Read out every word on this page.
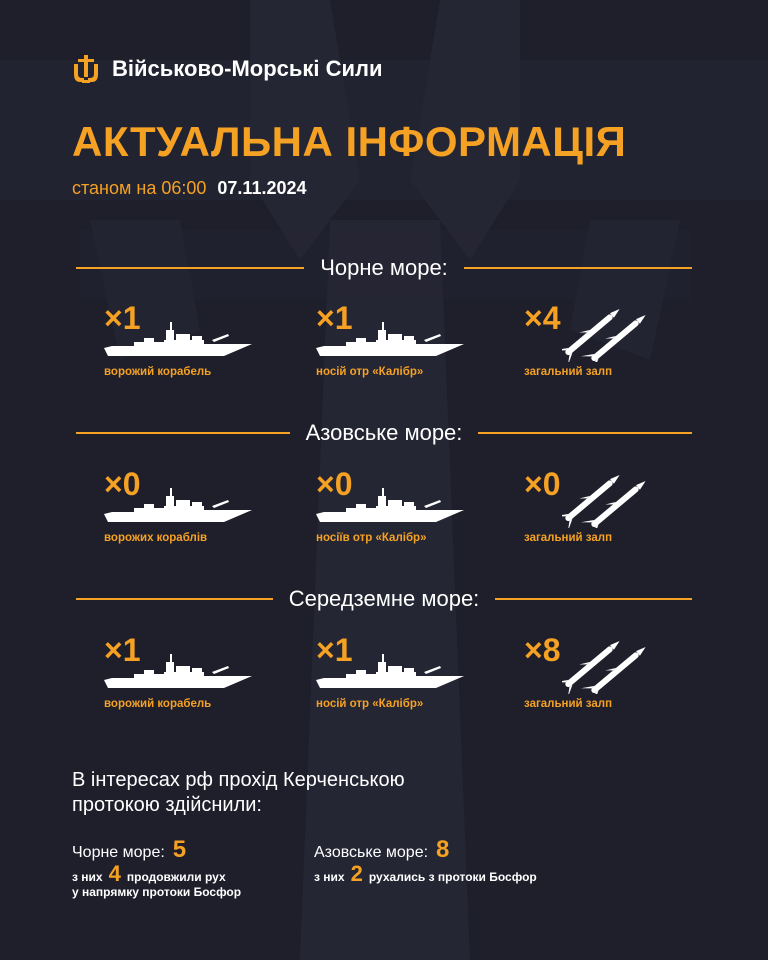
Військово-Морські Сили
АКТУАЛЬНА ІНФОРМАЦІЯ
станом на 06:00 07.11.2024
Чорне море:
×1
ворожий корабель
×1
носій отр «Калібр»
×4
загальний залп
Азовське море:
×0
ворожих кораблів
×0
носіїв отр «Калібр»
×0
загальний залп
Середземне море:
×1
ворожий корабель
×1
носій отр «Калібр»
×8
загальний залп
В інтересах рф прохід Керченською
протокою здійснили:
Чорне море: 5
з них 4 продовжили рух
у напрямку протоки Босфор
Азовське море: 8
з них 2 рухались з протоки Босфор
